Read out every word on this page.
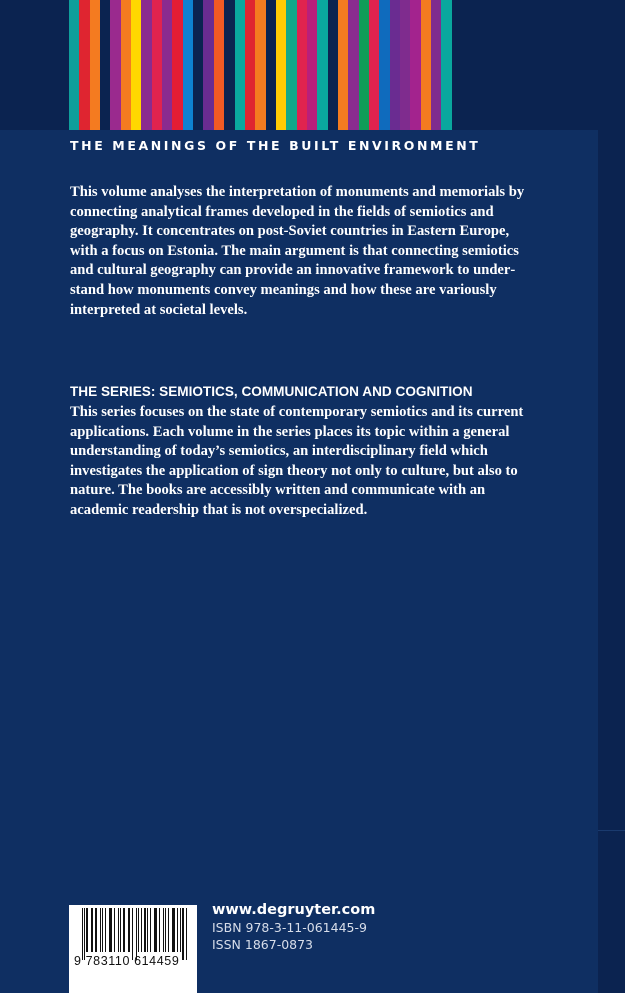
THE MEANINGS OF THE BUILT ENVIRONMENT

This volume analyses the interpretation of monuments and memorials by connecting analytical frames developed in the fields of semiotics and geography. It concentrates on post-Soviet countries in Eastern Europe, with a focus on Estonia. The main argument is that connecting semiotics and cultural geography can provide an innovative framework to understand how monuments convey meanings and how these are variously interpreted at societal levels.

THE SERIES: SEMIOTICS, COMMUNICATION AND COGNITION

This series focuses on the state of contemporary semiotics and its current applications. Each volume in the series places its topic within a general understanding of today’s semiotics, an interdisciplinary field which investigates the application of sign theory not only to culture, but also to nature. The books are accessibly written and communicate with an academic readership that is not overspecialized.

9 783110 614459
www.degruyter.com
ISBN 978-3-11-061445-9
ISSN 1867-0873
